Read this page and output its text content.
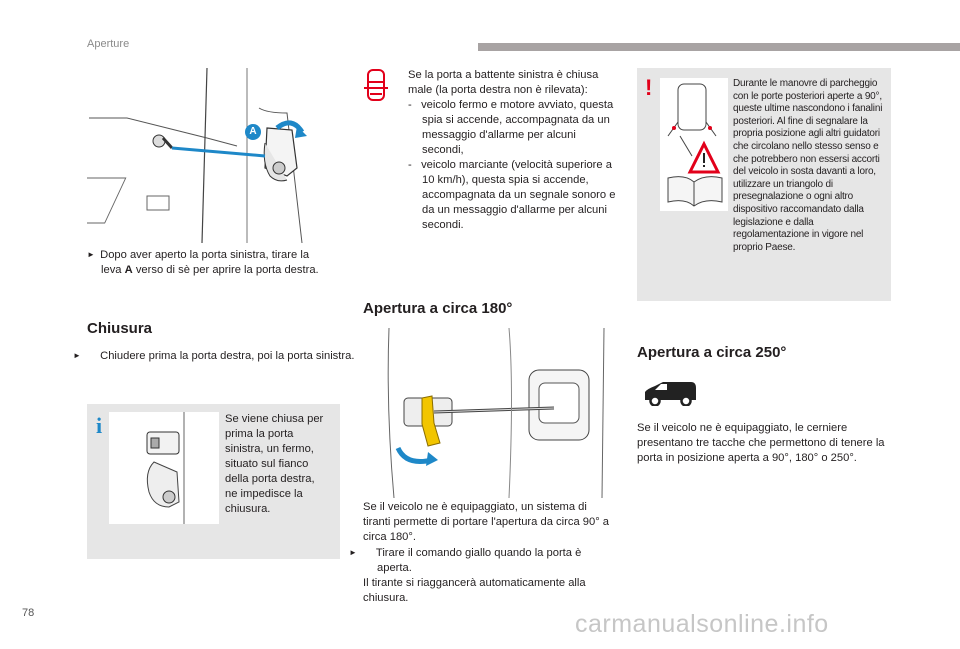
Aperture
A
► Dopo aver aperto la porta sinistra, tirare la
leva A verso di sè per aprire la porta destra.
Chiusura
► Chiudere prima la porta destra, poi la porta sinistra.
i	Se viene chiusa per prima la porta sinistra, un fermo, situato sul fianco della porta destra, ne impedisce la chiusura.
Se la porta a battente sinistra è chiusa male (la porta destra non è rilevata):
-   veicolo fermo e motore avviato, questa spia si accende, accompagnata da un messaggio d'allarme per alcuni secondi,
-   veicolo marciante (velocità superiore a 10 km/h), questa spia si accende, accompagnata da un segnale sonoro e da un messaggio d'allarme per alcuni secondi.
Apertura a circa 180°
Se il veicolo ne è equipaggiato, un sistema di tiranti permette di portare l'apertura da circa 90° a circa 180°.
► Tirare il comando giallo quando la porta è aperta.
Il tirante si riaggancerà automaticamente alla chiusura.
!	Durante le manovre di parcheggio con le porte posteriori aperte a 90°, queste ultime nascondono i fanalini posteriori. Al fine di segnalare la propria posizione agli altri guidatori che circolano nello stesso senso e che potrebbero non essersi accorti del veicolo in sosta davanti a loro, utilizzare un triangolo di presegnalazione o ogni altro dispositivo raccomandato dalla legislazione e dalla regolamentazione in vigore nel proprio Paese.
Apertura a circa 250°
Se il veicolo ne è equipaggiato, le cerniere presentano tre tacche che permettono di tenere la porta in posizione aperta a 90°, 180° o 250°.
78	carmanualsonline.info
